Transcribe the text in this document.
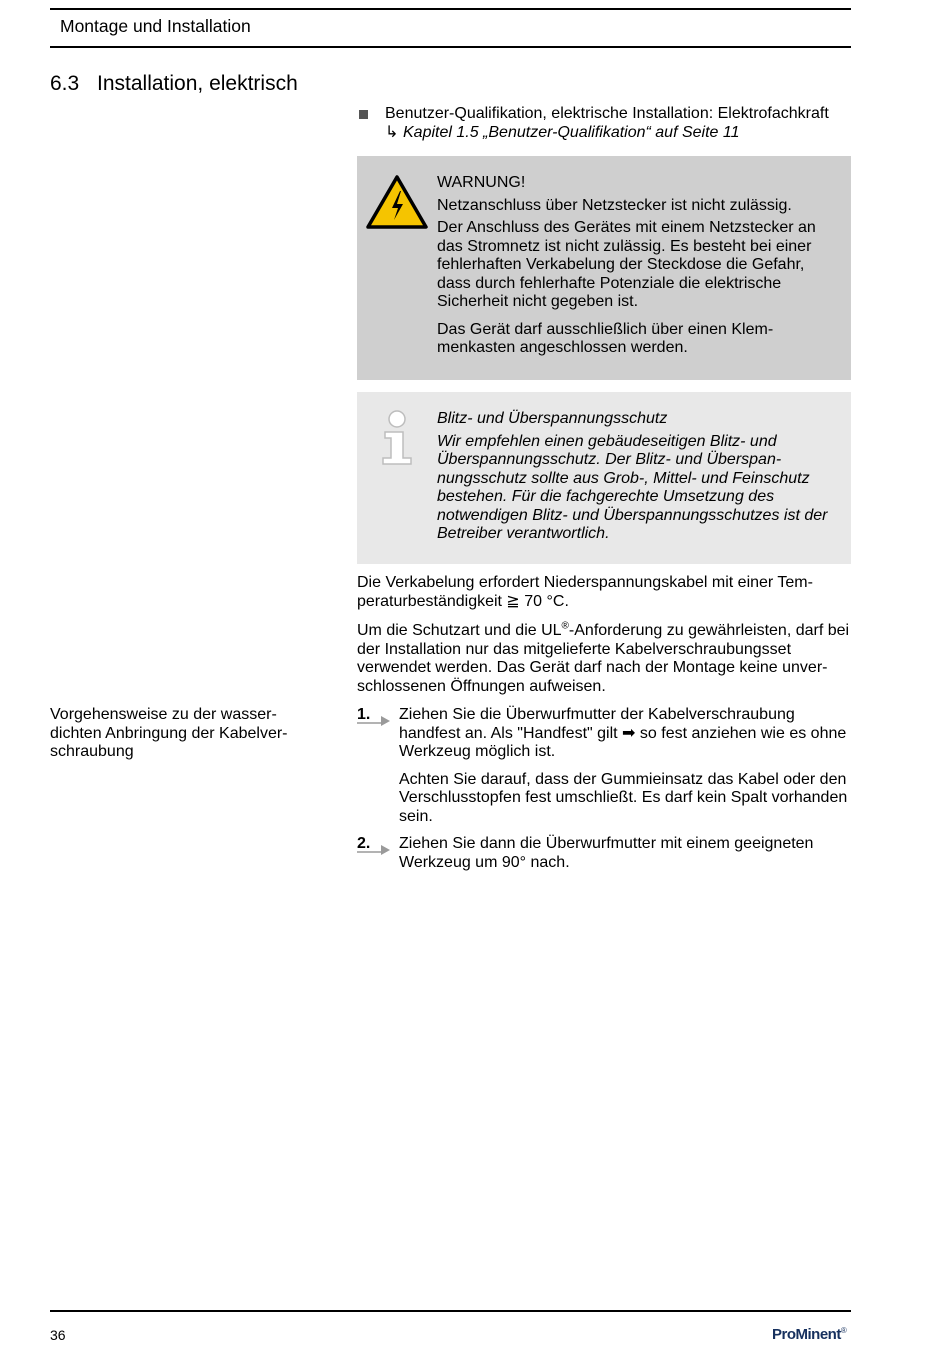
Montage und Installation
6.3 Installation, elektrisch
Benutzer-Qualifikation, elektrische Installation: Elektrofachkraft
↳ Kapitel 1.5 „Benutzer-Qualifikation“ auf Seite 11

WARNUNG!

Netzanschluss über Netzstecker ist nicht zulässig.

Der Anschluss des Gerätes mit einem Netzstecker an das Stromnetz ist nicht zulässig. Es besteht bei einer fehlerhaften Verkabelung der Steckdose die Gefahr, dass durch fehlerhafte Potenziale die elektrische Sicherheit nicht gegeben ist.

Das Gerät darf ausschließlich über einen Klemmenkasten angeschlossen werden.

Blitz- und Überspannungsschutz

Wir empfehlen einen gebäudeseitigen Blitz- und Überspannungsschutz. Der Blitz- und Überspannungsschutz sollte aus Grob-, Mittel- und Feinschutz bestehen. Für die fachgerechte Umsetzung des notwendigen Blitz- und Überspannungsschutzes ist der Betreiber verantwortlich.

Die Verkabelung erfordert Niederspannungskabel mit einer Temperaturbeständigkeit ≧ 70 °C.

Um die Schutzart und die UL®-Anforderung zu gewährleisten, darf bei der Installation nur das mitgelieferte Kabelverschraubungsset verwendet werden. Das Gerät darf nach der Montage keine unverschlossenen Öffnungen aufweisen.

Vorgehensweise zu der wasserdichten Anbringung der Kabelverschraubung
1. Ziehen Sie die Überwurfmutter der Kabelverschraubung handfest an. Als "Handfest" gilt ➡ so fest anziehen wie es ohne Werkzeug möglich ist.

Achten Sie darauf, dass der Gummieinsatz das Kabel oder den Verschlusstopfen fest umschließt. Es darf kein Spalt vorhanden sein.

2. Ziehen Sie dann die Überwurfmutter mit einem geeigneten Werkzeug um 90° nach.

36	ProMinent®
